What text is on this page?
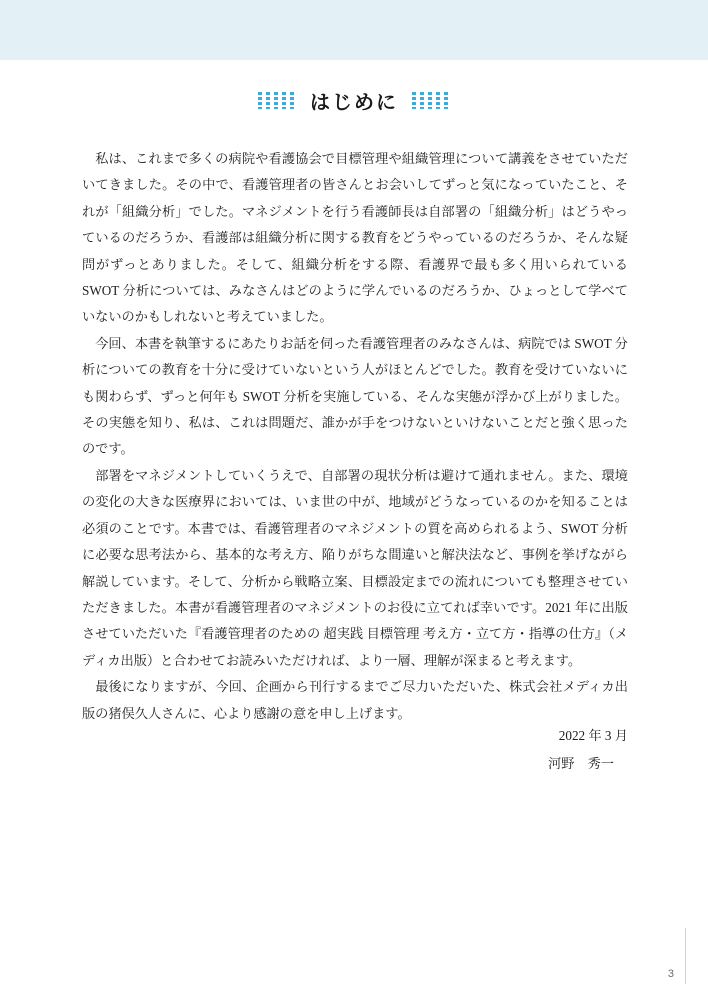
はじめに

私は、これまで多くの病院や看護協会で目標管理や組織管理について講義をさせていただいてきました。その中で、看護管理者の皆さんとお会いしてずっと気になっていたこと、それが「組織分析」でした。マネジメントを行う看護師長は自部署の「組織分析」はどうやっているのだろうか、看護部は組織分析に関する教育をどうやっているのだろうか、そんな疑問がずっとありました。そして、組織分析をする際、看護界で最も多く用いられている SWOT 分析については、みなさんはどのように学んでいるのだろうか、ひょっとして学べていないのかもしれないと考えていました。

今回、本書を執筆するにあたりお話を伺った看護管理者のみなさんは、病院では SWOT 分析についての教育を十分に受けていないという人がほとんどでした。教育を受けていないにも関わらず、ずっと何年も SWOT 分析を実施している、そんな実態が浮かび上がりました。その実態を知り、私は、これは問題だ、誰かが手をつけないといけないことだと強く思ったのです。

部署をマネジメントしていくうえで、自部署の現状分析は避けて通れません。また、環境の変化の大きな医療界においては、いま世の中が、地域がどうなっているのかを知ることは必須のことです。本書では、看護管理者のマネジメントの質を高められるよう、SWOT 分析に必要な思考法から、基本的な考え方、陥りがちな間違いと解決法など、事例を挙げながら解説しています。そして、分析から戦略立案、目標設定までの流れについても整理させていただきました。本書が看護管理者のマネジメントのお役に立てれば幸いです。2021 年に出版させていただいた『看護管理者のための 超実践 目標管理 考え方・立て方・指導の仕方』（メディカ出版）と合わせてお読みいただければ、より一層、理解が深まると考えます。

最後になりますが、今回、企画から刊行するまでご尽力いただいた、株式会社メディカ出版の猪俣久人さんに、心より感謝の意を申し上げます。

2022 年 3 月
河野　秀一
3
